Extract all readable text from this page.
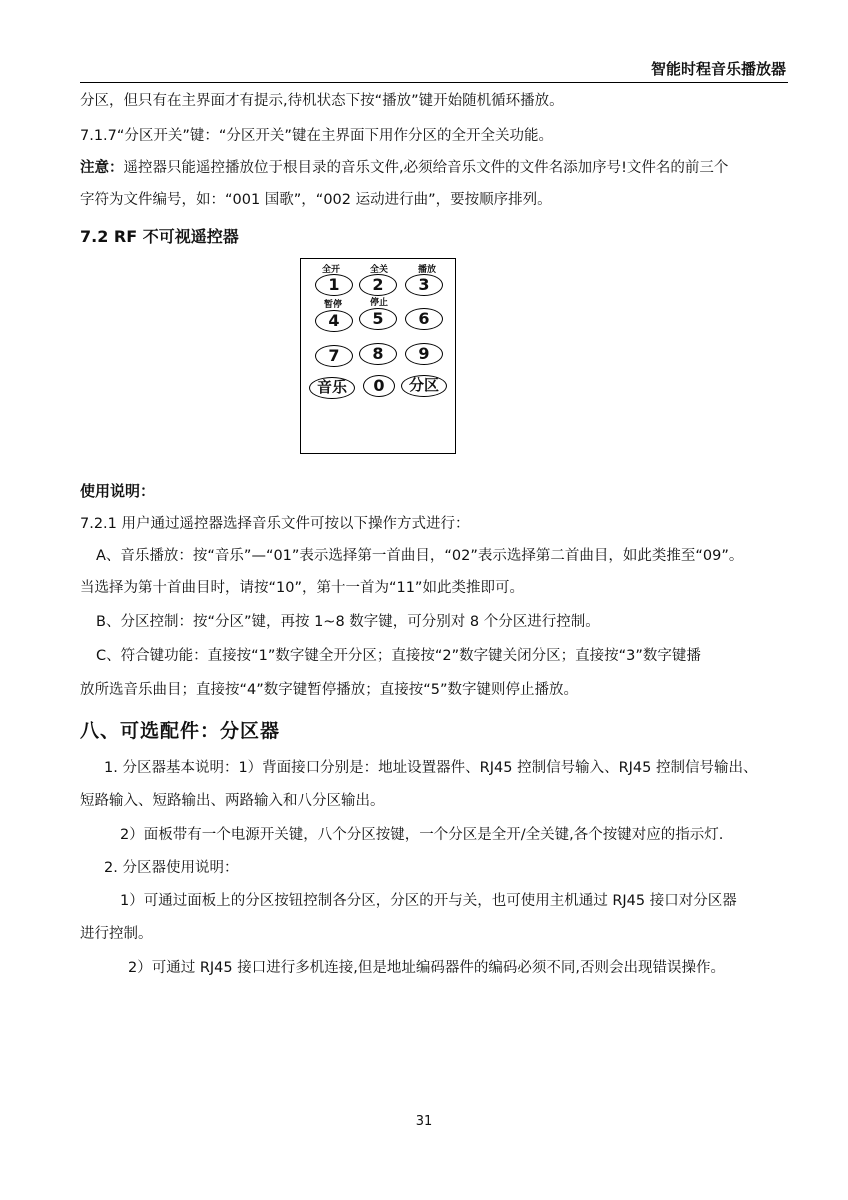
智能时程音乐播放器
分区，但只有在主界面才有提示,待机状态下按“播放”键开始随机循环播放。
7.1.7“分区开关”键：“分区开关”键在主界面下用作分区的全开全关功能。
注意：遥控器只能遥控播放位于根目录的音乐文件,必须给音乐文件的文件名添加序号!文件名的前三个
字符为文件编号，如：“001 国歌”，“002 运动进行曲”，要按顺序排列。
7.2 RF 不可视遥控器
全开	全关	播放
暂停	停止
1	2	3
4	5	6
7	8	9
音乐	0	分区
使用说明：
7.2.1 用户通过遥控器选择音乐文件可按以下操作方式进行：
A、音乐播放：按“音乐”—“01”表示选择第一首曲目，“02”表示选择第二首曲目，如此类推至“09”。
当选择为第十首曲目时，请按“10”，第十一首为“11”如此类推即可。
B、分区控制：按“分区”键，再按 1~8 数字键，可分别对 8 个分区进行控制。
C、符合键功能：直接按“1”数字键全开分区；直接按“2”数字键关闭分区；直接按“3”数字键播
放所选音乐曲目；直接按“4”数字键暂停播放；直接按“5”数字键则停止播放。
八、可选配件：分区器
1. 分区器基本说明：1）背面接口分别是：地址设置器件、RJ45 控制信号输入、RJ45 控制信号输出、
短路输入、短路输出、两路输入和八分区输出。
2）面板带有一个电源开关键，八个分区按键，一个分区是全开/全关键,各个按键对应的指示灯.
2. 分区器使用说明：
1）可通过面板上的分区按钮控制各分区，分区的开与关，也可使用主机通过 RJ45 接口对分区器
进行控制。
2）可通过 RJ45 接口进行多机连接,但是地址编码器件的编码必须不同,否则会出现错误操作。
31
